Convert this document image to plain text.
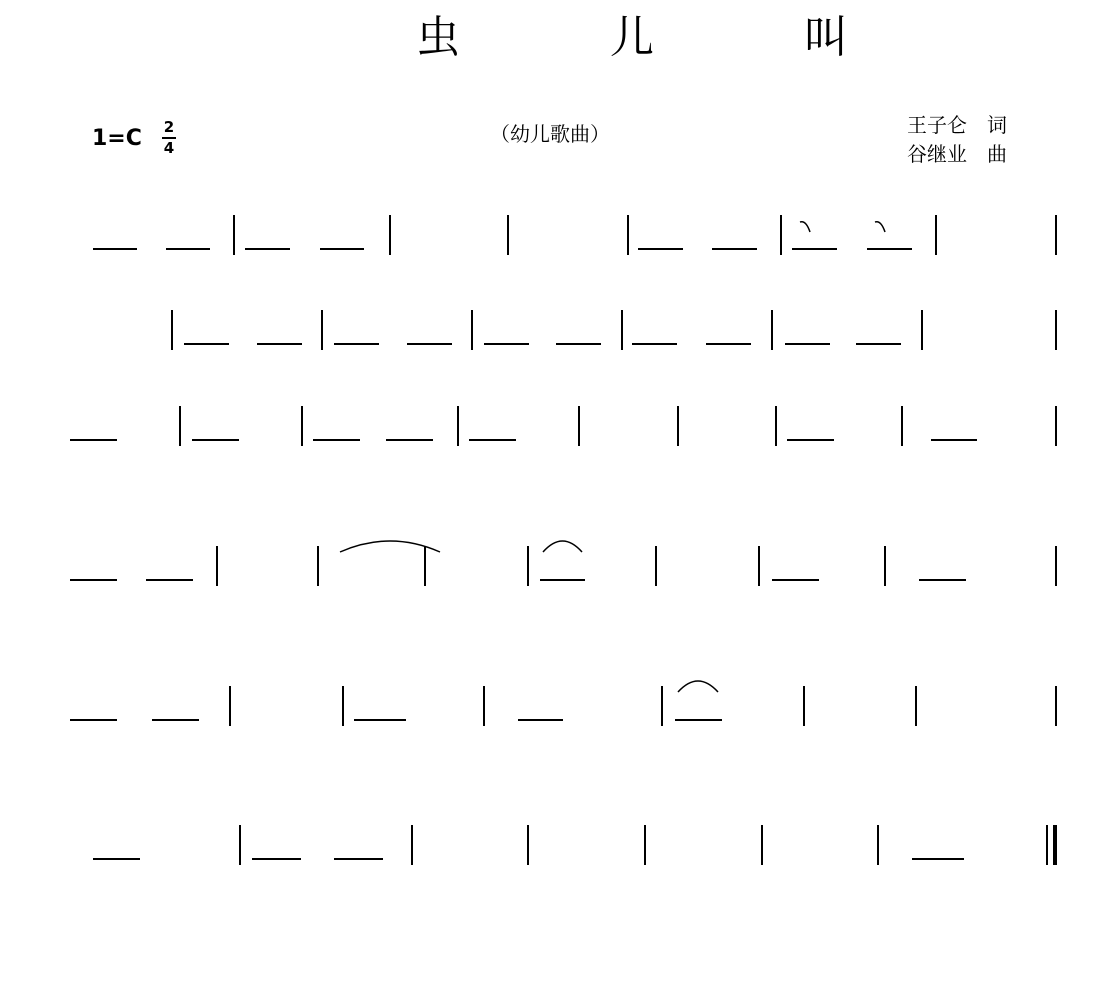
虫 儿 叫
1=C 2
4
（幼儿歌曲）	王子仑　词
谷继业　曲
